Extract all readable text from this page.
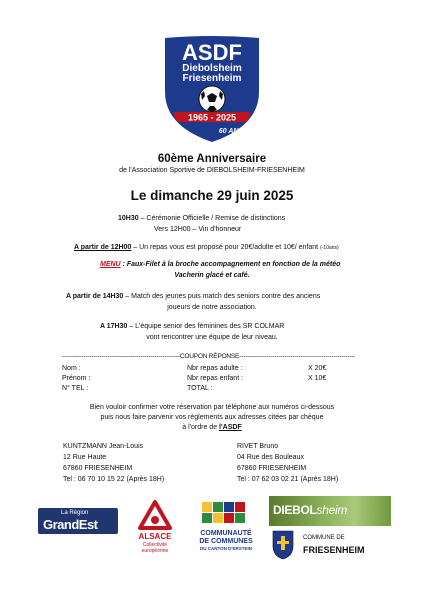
ASDF
Diebolsheim
Friesenheim
1965 - 2025
60 ANS
60ème Anniversaire
de l'Association Sportive de DIEBOLSHEIM-FRIESENHEIM
Le dimanche 29 juin 2025
10H30 – Cérémonie Officielle / Remise de distinctions
Vers 12H00 – Vin d'honneur
A partir de 12H00 – Un repas vous est proposé pour 20€/adulte et 10€/ enfant (-10ans)
MENU : Faux-Filet à la broche accompagnement en fonction de la météo
Vacherin glacé et café.
A partir de 14H30 – Match des jeunes puis match des seniors contre des anciens
joueurs de notre association.
A 17H30 – L'équipe senior des féminines des SR COLMAR
vont rencontrer une équipe de leur niveau.
------------------------------------------------------------COUPON RÉPONSE-----------------------------------------------------------
Nom :
Prénom :
N° TEL :
Nbr repas adulte :	X 20€
Nbr repas enfant :	X 10€
TOTAL :
Bien vouloir confirmer votre réservation par téléphone aux numéros ci-dessous
puis nous faire parvenir vos règlements aux adresses citées par chèque
à l'ordre de l'ASDF
KUNTZMANN Jean-Louis
12 Rue Haute
67860 FRIESENHEIM
Tel : 06 70 10 15 22 (Après 18H)
RIVET Bruno
04 Rue des Bouleaux
67860 FRIESENHEIM
Tel : 07 62 03 02 21 (Après 18H)
La Région
GrandEst
ALSACE
Collectivité
européenne
COMMUNAUTÉ
DE COMMUNES
DU CANTON D'ERSTEIN
DIEBOLsheim
COMMUNE DE
FRIESENHEIM
